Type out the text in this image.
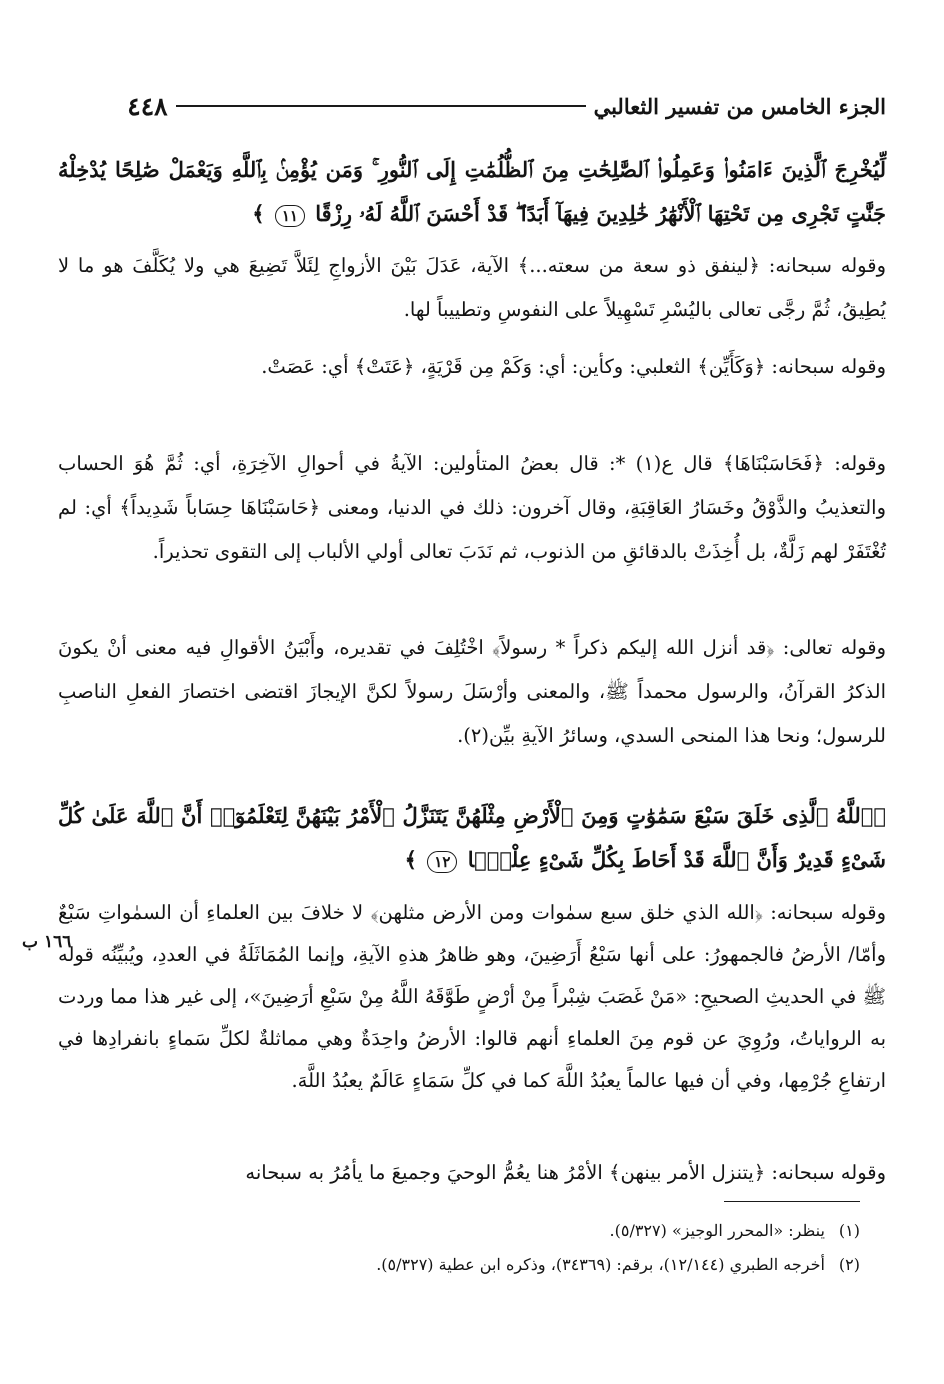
الجزء الخامس من تفسير الثعالبي
٤٤٨

لِّيُخْرِجَ ٱلَّذِينَ ءَامَنُوا۟ وَعَمِلُوا۟ ٱلصَّٰلِحَٰتِ مِنَ ٱلظُّلُمَٰتِ إِلَى ٱلنُّورِ ۚ وَمَن يُؤْمِنۢ بِٱللَّهِ وَيَعْمَلْ صَٰلِحًا يُدْخِلْهُ جَنَّٰتٍ تَجْرِى مِن تَحْتِهَا ٱلْأَنْهَٰرُ خَٰلِدِينَ فِيهَآ أَبَدًا ۖ قَدْ أَحْسَنَ ٱللَّهُ لَهُۥ رِزْقًا ١١ ﴾

وقوله سبحانه: ﴿لينفق ذو سعة من سعته...﴾ الآية، عَدَلَ بَيْنَ الأزواجِ لِئَلاَّ تَضِيعَ هي ولا يُكَلَّفَ هو ما لا يُطِيقُ، ثُمَّ رجَّى تعالى باليُسْرِ تَسْهِيلاً على النفوسِ وتطييباً لها.

وقوله سبحانه: ﴿وَكَأَيِّن﴾ الثعلبي: وكأين: أي: وَكَمْ مِن قَرْيَةٍ، ﴿عَتَتْ﴾ أي: عَصَتْ.

وقوله: ﴿فَحَاسَبْنَاهَا﴾ قال ع(١) *: قال بعضُ المتأولين: الآيةُ في أحوالِ الآخِرَةِ، أي: ثُمَّ هُوَ الحساب والتعذيبُ والذَّوْقُ وخَسَارُ العَاقِبَةِ، وقال آخرون: ذلك في الدنيا، ومعنى ﴿حَاسَبْنَاهَا حِسَاباً شَدِيداً﴾ أي: لم تُغْتَفَرْ لهم زَلَّةٌ، بل أُخِذَتْ بالدقائقِ من الذنوب، ثم نَدَبَ تعالى أولي الألباب إلى التقوى تحذيراً.

وقوله تعالى: ﴿قد أنزل الله إليكم ذكراً * رسولاً﴾ اخْتُلِفَ في تقديره، وأَبْيَنُ الأقوالِ فيه معنى أنْ يكونَ الذكرُ القرآنُ، والرسول محمداً ﷺ، والمعنى وأرْسَلَ رسولاً لكنَّ الإيجازَ اقتضى اختصارَ الفعلِ الناصبِ للرسول؛ ونحا هذا المنحى السدي، وسائرُ الآيةِ بيِّن(٢).

﴿ٱللَّهُ ٱلَّذِى خَلَقَ سَبْعَ سَمَٰوَٰتٍ وَمِنَ ٱلْأَرْضِ مِثْلَهُنَّ يَتَنَزَّلُ ٱلْأَمْرُ بَيْنَهُنَّ لِتَعْلَمُوٓا۟ أَنَّ ٱللَّهَ عَلَىٰ كُلِّ شَىْءٍ قَدِيرٌ وَأَنَّ ٱللَّهَ قَدْ أَحَاطَ بِكُلِّ شَىْءٍ عِلْمًۢا ١٢ ﴾

وقوله سبحانه: ﴿الله الذي خلق سبع سمٰوات ومن الأرض مثلهن﴾ لا خلافَ بين العلماءِ أن السمٰواتِ سَبْعٌ وأمّا/ الأرضُ فالجمهورُ: على أنها سَبْعُ أَرَضِينَ، وهو ظاهرُ هذهِ الآيةِ، وإنما المُمَاثَلَةُ في العددِ، ويُبيِّنُه قوله ﷺ في الحديثِ الصحيحِ: «مَنْ غَصَبَ شِبْراً مِنْ أرْضٍ طَوَّقَهُ اللَّهُ مِنْ سَبْعِ أرَضِينَ»، إلى غير هذا مما وردت به الرواياتُ، ورُوِيَ عن قوم مِنَ العلماءِ أنهم قالوا: الأرضُ واحِدَةٌ وهي مماثلةٌ لكلِّ سَماءٍ بانفرادِها في ارتفاعِ جُرْمِها، وفي أن فيها عالماً يعبُدُ اللَّهَ كما في كلِّ سَمَاءٍ عَالَمٌ يعبُدُ اللَّهَ.

١٦٦ ب

وقوله سبحانه: ﴿يتنزل الأمر بينهن﴾ الأمْرُ هنا يعُمُّ الوحيَ وجميعَ ما يأمُرُ به سبحانه

(١)ينظر: «المحرر الوجيز» (٥/٣٢٧).
(٢)أخرجه الطبري (١٢/١٤٤)، برقم: (٣٤٣٦٩)، وذكره ابن عطية (٥/٣٢٧).
